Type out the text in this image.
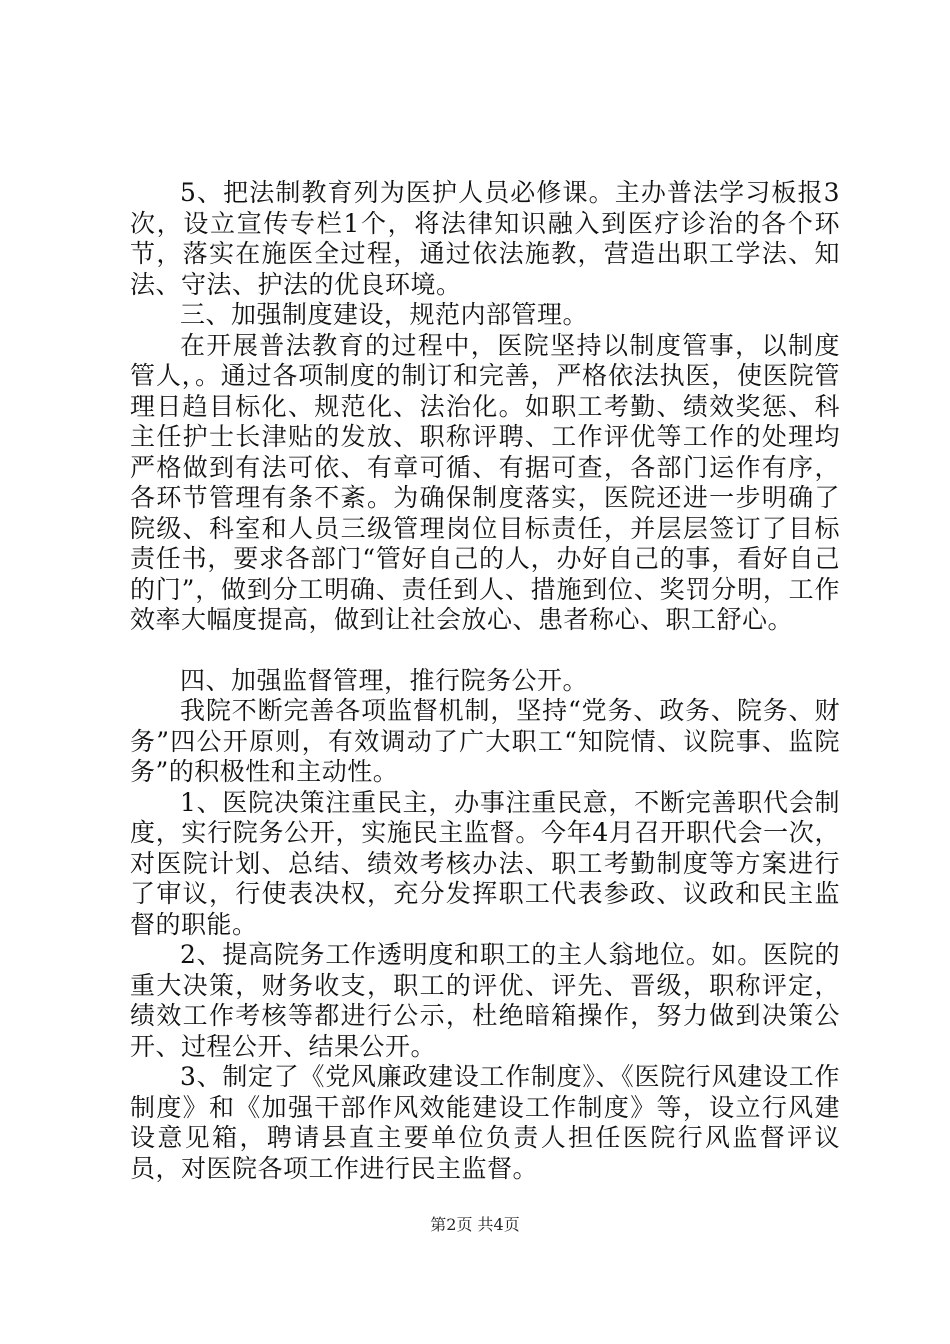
5、把法制教育列为医护人员必修课。主办普法学习板报3次，设立宣传专栏1个，将法律知识融入到医疗诊治的各个环节，落实在施医全过程，通过依法施教，营造出职工学法、知法、守法、护法的优良环境。

三、加强制度建设，规范内部管理。

在开展普法教育的过程中，医院坚持以制度管事，以制度管人，。通过各项制度的制订和完善，严格依法执医，使医院管理日趋目标化、规范化、法治化。如职工考勤、绩效奖惩、科主任护士长津贴的发放、职称评聘、工作评优等工作的处理均严格做到有法可依、有章可循、有据可查，各部门运作有序，各环节管理有条不紊。为确保制度落实，医院还进一步明确了院级、科室和人员三级管理岗位目标责任，并层层签订了目标责任书，要求各部门“管好自己的人，办好自己的事，看好自己的门”，做到分工明确、责任到人、措施到位、奖罚分明，工作效率大幅度提高，做到让社会放心、患者称心、职工舒心。

四、加强监督管理，推行院务公开。

我院不断完善各项监督机制，坚持“党务、政务、院务、财务”四公开原则，有效调动了广大职工“知院情、议院事、监院务”的积极性和主动性。

1、医院决策注重民主，办事注重民意，不断完善职代会制度，实行院务公开，实施民主监督。今年4月召开职代会一次，对医院计划、总结、绩效考核办法、职工考勤制度等方案进行了审议，行使表决权，充分发挥职工代表参政、议政和民主监督的职能。

2、提高院务工作透明度和职工的主人翁地位。如。医院的重大决策，财务收支，职工的评优、评先、晋级，职称评定，绩效工作考核等都进行公示，杜绝暗箱操作，努力做到决策公开、过程公开、结果公开。

3、制定了《党风廉政建设工作制度》、《医院行风建设工作制度》和《加强干部作风效能建设工作制度》等，设立行风建设意见箱，聘请县直主要单位负责人担任医院行风监督评议员，对医院各项工作进行民主监督。

第2页 共4页
